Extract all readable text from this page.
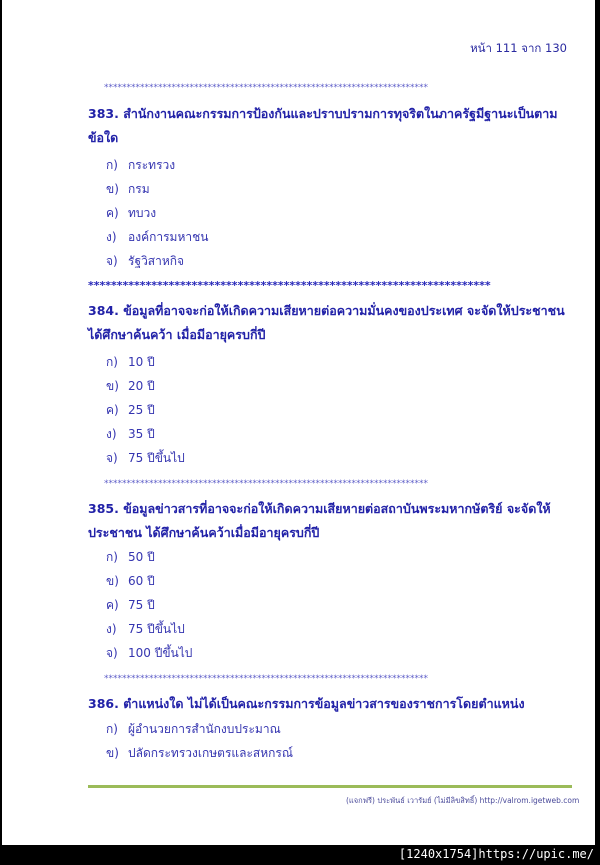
หน้า 111 จาก 130
************************************************************************
383. สำนักงานคณะกรรมการป้องกันและปราบปรามการทุจริตในภาครัฐมีฐานะเป็นตาม
ข้อใด
ก) กระทรวง
ข) กรม
ค) ทบวง
ง) องค์การมหาชน
จ) รัฐวิสาหกิจ
**********************************************************************
384. ข้อมูลที่อาจจะก่อให้เกิดความเสียหายต่อความมั่นคงของประเทศ จะจัดให้ประชาชน
ได้ศึกษาค้นคว้า เมื่อมีอายุครบกี่ปี
ก) 10 ปี
ข) 20 ปี
ค) 25 ปี
ง) 35 ปี
จ) 75 ปีขึ้นไป
************************************************************************
385. ข้อมูลข่าวสารที่อาจจะก่อให้เกิดความเสียหายต่อสถาบันพระมหากษัตริย์ จะจัดให้
ประชาชน ได้ศึกษาค้นคว้าเมื่อมีอายุครบกี่ปี
ก) 50 ปี
ข) 60 ปี
ค) 75 ปี
ง) 75 ปีขึ้นไป
จ) 100 ปีขึ้นไป
************************************************************************
386. ตำแหน่งใด ไม่ได้เป็นคณะกรรมการข้อมูลข่าวสารของราชการโดยตำแหน่ง
ก) ผู้อำนวยการสำนักงบประมาณ
ข) ปลัดกระทรวงเกษตรและสหกรณ์
(แจกฟรี) ประพันธ์ เวารัมย์ (ไม่มีลิขสิทธิ์) http://valrom.igetweb.com
[1240x1754]https://upic.me/
